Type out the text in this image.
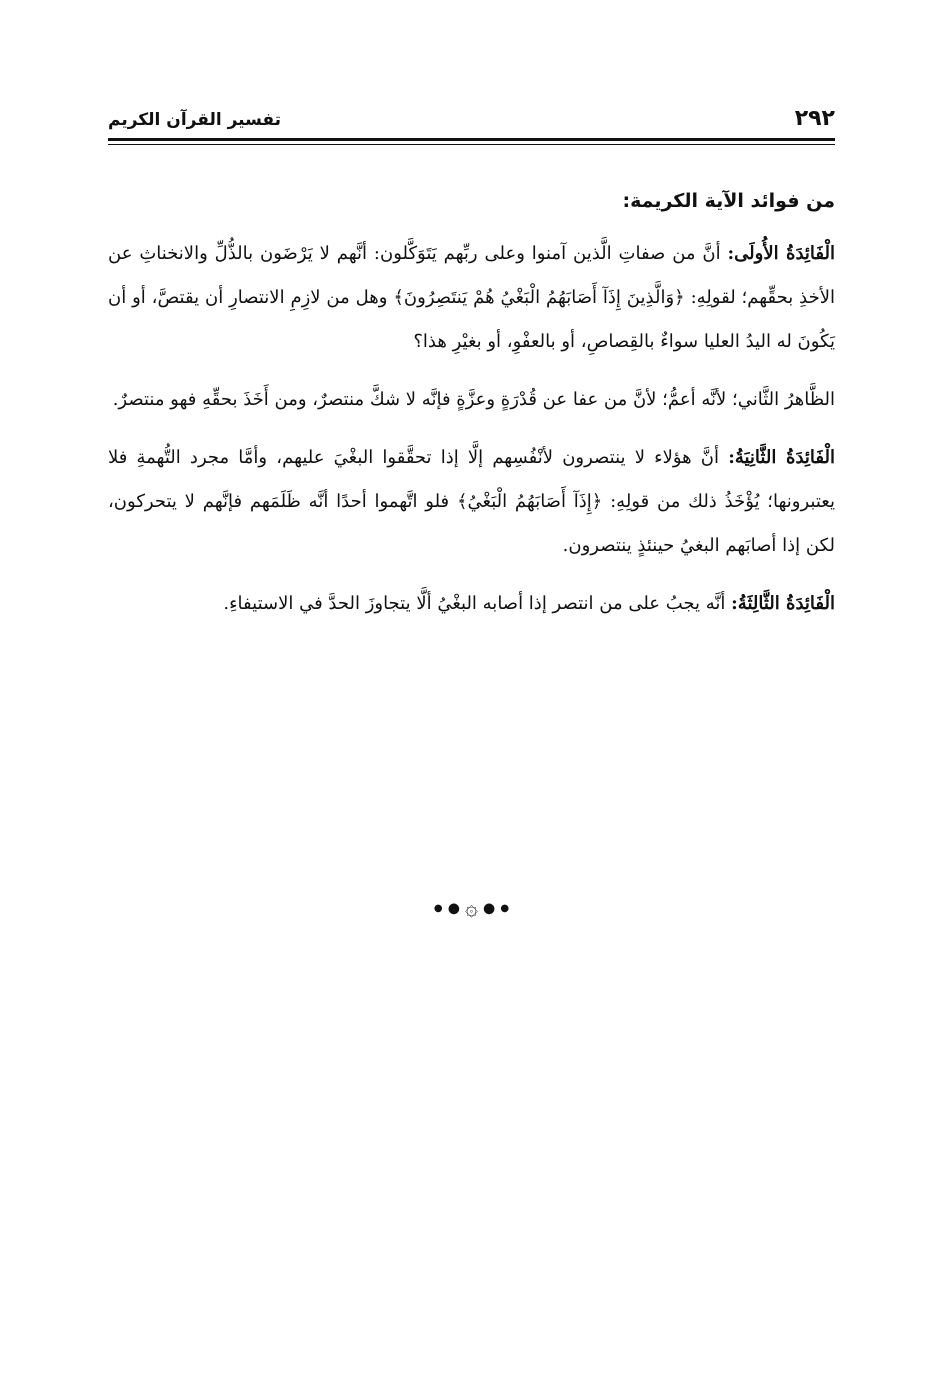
٢٩٢
تفسير القرآن الكريم
من فوائد الآية الكريمة:

الْفَائِدَةُ الأُولَى: أنَّ من صفاتِ الَّذين آمنوا وعلى ربِّهم يَتَوَكَّلون: أنَّهم لا يَرْضَون بالذُّلِّ والانخناثِ عن الأخذِ بحقِّهم؛ لقولِهِ: ﴿وَالَّذِينَ إِذَآ أَصَابَهُمُ الْبَغْيُ هُمْ يَنتَصِرُونَ﴾ وهل من لازِمِ الانتصارِ أن يقتصَّ، أو أن يَكُونَ له اليدُ العليا سواءٌ بالقِصاصِ، أو بالعفْوِ، أو بغيْرِ هذا؟

الظَّاهرُ الثَّاني؛ لأنَّه أعمُّ؛ لأنَّ من عفا عن قُدْرَةٍ وعزَّةٍ فإنَّه لا شكَّ منتصرٌ، ومن أَخَذَ بحقِّهِ فهو منتصرٌ.

الْفَائِدَةُ الثَّانِيَةُ: أنَّ هؤلاء لا ينتصرون لأنْفُسِهم إلَّا إذا تحقَّقوا البغْيَ عليهم، وأمَّا مجرد التُّهمةِ فلا يعتبرونها؛ يُؤْخَذُ ذلك من قولِهِ: ﴿إِذَآ أَصَابَهُمُ الْبَغْيُ﴾ فلو اتَّهموا أحدًا أنَّه ظَلَمَهم فإنَّهم لا يتحركون، لكن إذا أصابَهم البغيُ حينئذٍ ينتصرون.

الْفَائِدَةُ الثَّالِثَةُ: أنَّه يجبُ على من انتصر إذا أصابه البغْيُ ألَّا يتجاوزَ الحدَّ في الاستيفاءِ.

● ● ۞ ● ●
